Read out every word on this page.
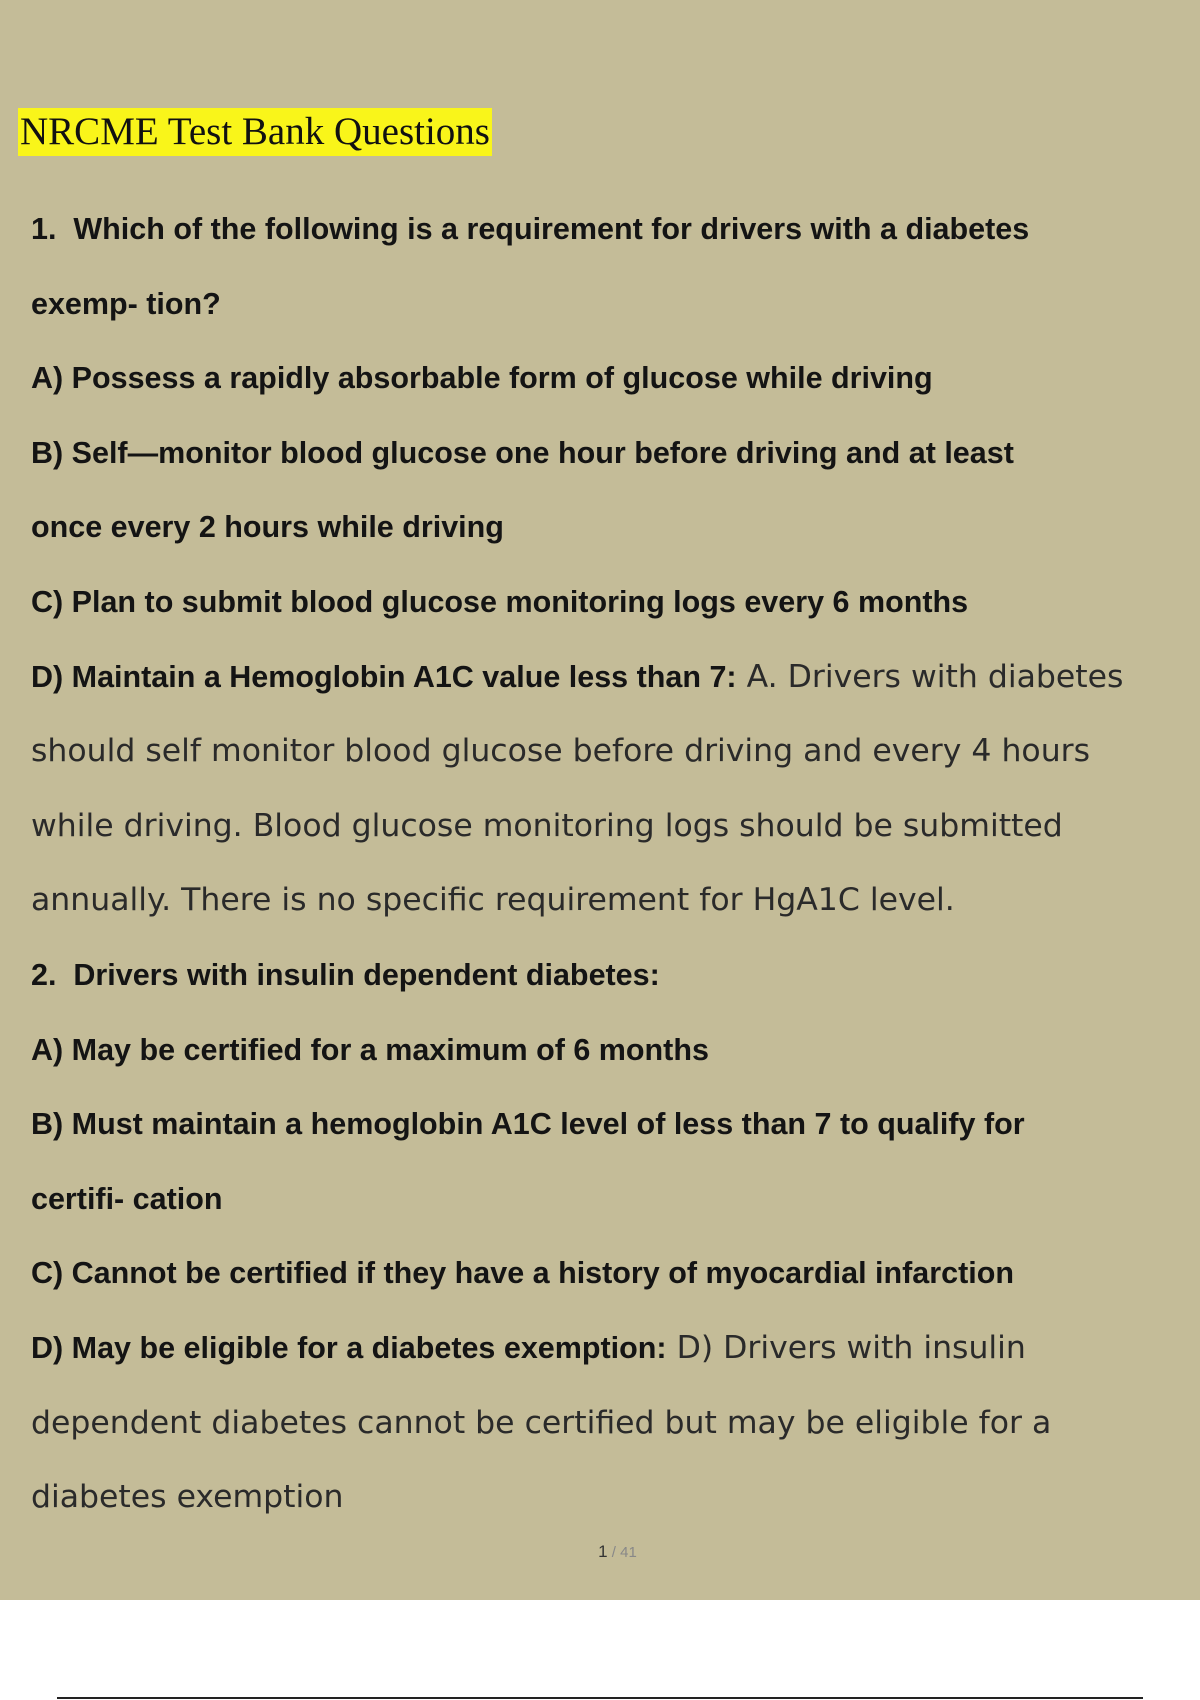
NRCME Test Bank Questions
1.  Which of the following is a requirement for drivers with a diabetes
exemp- tion?
A) Possess a rapidly absorbable form of glucose while driving
B) Self—monitor blood glucose one hour before driving and at least
once every 2 hours while driving
C) Plan to submit blood glucose monitoring logs every 6 months
D) Maintain a Hemoglobin A1C value less than 7: A. Drivers with diabetes
should self monitor blood glucose before driving and every 4 hours
while driving. Blood glucose monitoring logs should be submitted
annually. There is no specific requirement for HgA1C level.
2.  Drivers with insulin dependent diabetes:
A) May be certified for a maximum of 6 months
B) Must maintain a hemoglobin A1C level of less than 7 to qualify for
certifi- cation
C) Cannot be certified if they have a history of myocardial infarction
D) May be eligible for a diabetes exemption: D) Drivers with insulin
dependent diabetes cannot be certified but may be eligible for a
diabetes exemption
1 / 41
